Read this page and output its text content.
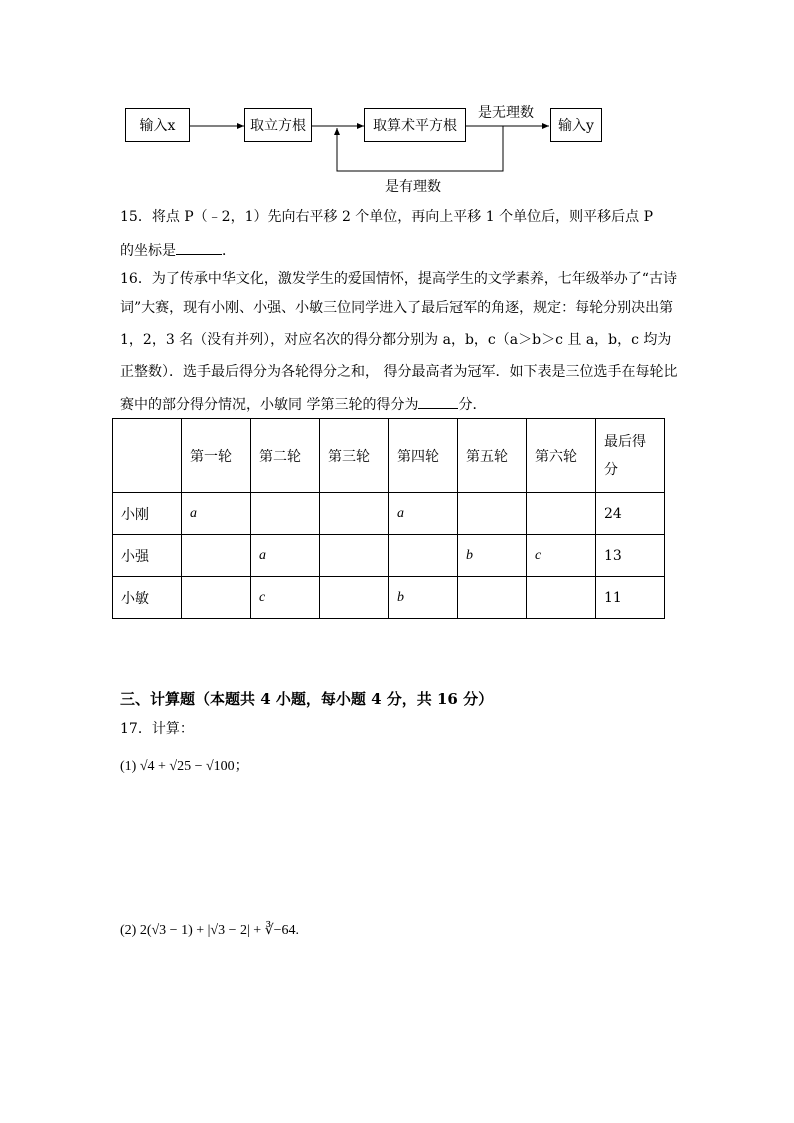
输入x	取立方根	取算术平方根	输入y
是无理数
是有理数
15．将点 P（﹣2，1）先向右平移 2 个单位，再向上平移 1 个单位后，则平移后点 P
的坐标是	．
16．为了传承中华文化，激发学生的爱国情怀，提高学生的文学素养，七年级举办了“古诗
词”大赛，现有小刚、小强、小敏三位同学进入了最后冠军的角逐，规定：每轮分别决出第
1，2，3 名（没有并列），对应名次的得分都分别为 a，b，c（a＞b＞c 且 a，b，c 均为
正整数）．选手最后得分为各轮得分之和， 得分最高者为冠军．如下表是三位选手在每轮比
赛中的部分得分情况，小敏同 学第三轮的得分为	分．
	第一轮	第二轮	第三轮	第四轮	第五轮	第六轮	最后得分

小刚	a			a			24
小强		a			b	c	13
小敏		c		b			11
三、计算题（本题共 4 小题，每小题 4 分，共 16 分）
17．计算：
(1) √4 + √25 − √100；
(2) 2(√3 − 1) + |√3 − 2| + ∛−64.
